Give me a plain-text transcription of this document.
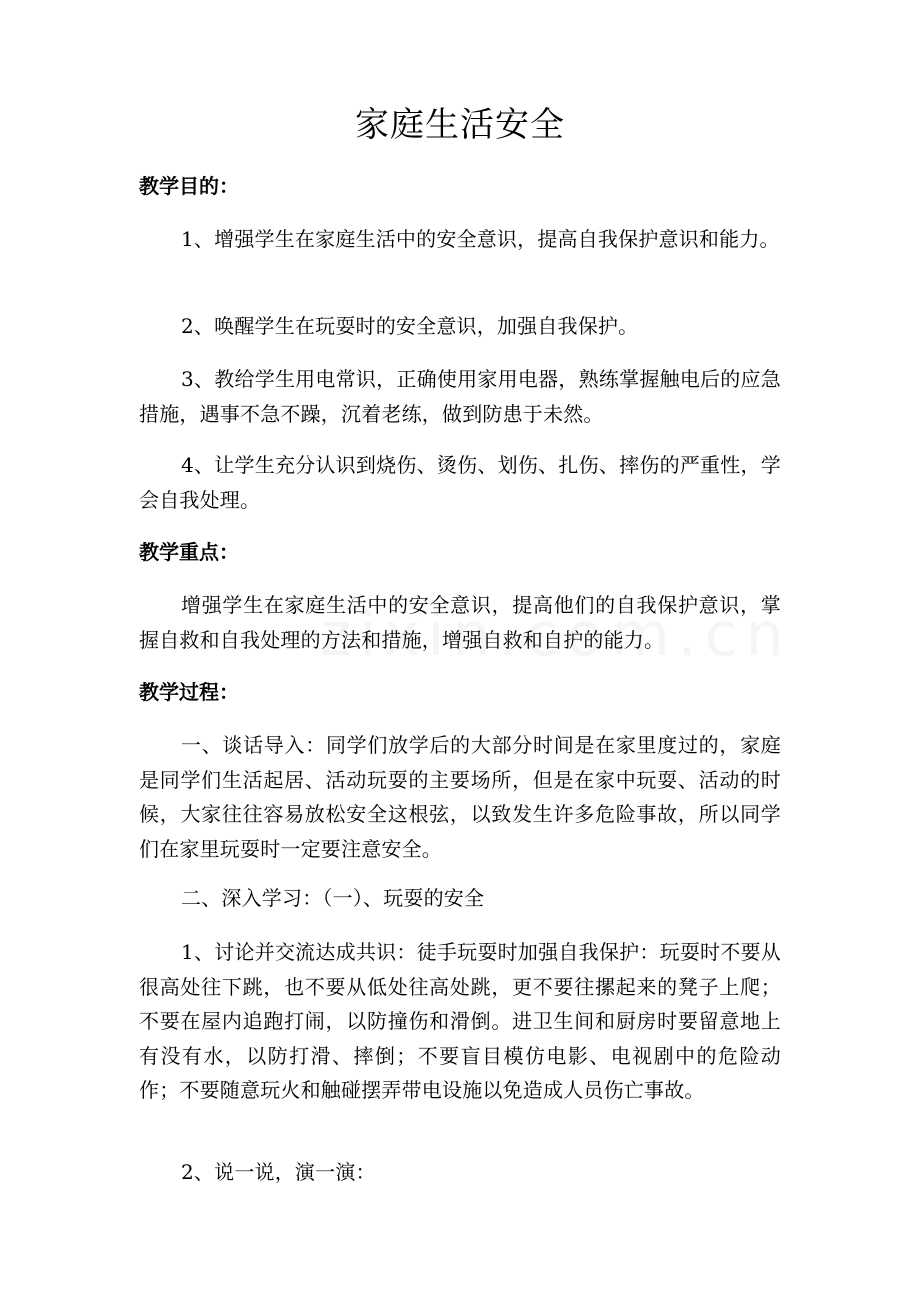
家庭生活安全
教学目的：

1、增强学生在家庭生活中的安全意识，提高自我保护意识和能力。

2、唤醒学生在玩耍时的安全意识，加强自我保护。

3、教给学生用电常识，正确使用家用电器，熟练掌握触电后的应急措施，遇事不急不躁，沉着老练，做到防患于未然。

4、让学生充分认识到烧伤、烫伤、划伤、扎伤、摔伤的严重性，学会自我处理。

教学重点：

增强学生在家庭生活中的安全意识，提高他们的自我保护意识，掌握自救和自我处理的方法和措施，增强自救和自护的能力。

教学过程：

一、谈话导入：同学们放学后的大部分时间是在家里度过的，家庭是同学们生活起居、活动玩耍的主要场所，但是在家中玩耍、活动的时候，大家往往容易放松安全这根弦，以致发生许多危险事故，所以同学们在家里玩耍时一定要注意安全。

二、深入学习：（一）、玩耍的安全

1、讨论并交流达成共识：徒手玩耍时加强自我保护：玩耍时不要从很高处往下跳，也不要从低处往高处跳，更不要往摞起来的凳子上爬；不要在屋内追跑打闹，以防撞伤和滑倒。进卫生间和厨房时要留意地上有没有水，以防打滑、摔倒；不要盲目模仿电影、电视剧中的危险动作；不要随意玩火和触碰摆弄带电设施以免造成人员伤亡事故。

2、说一说，演一演：
